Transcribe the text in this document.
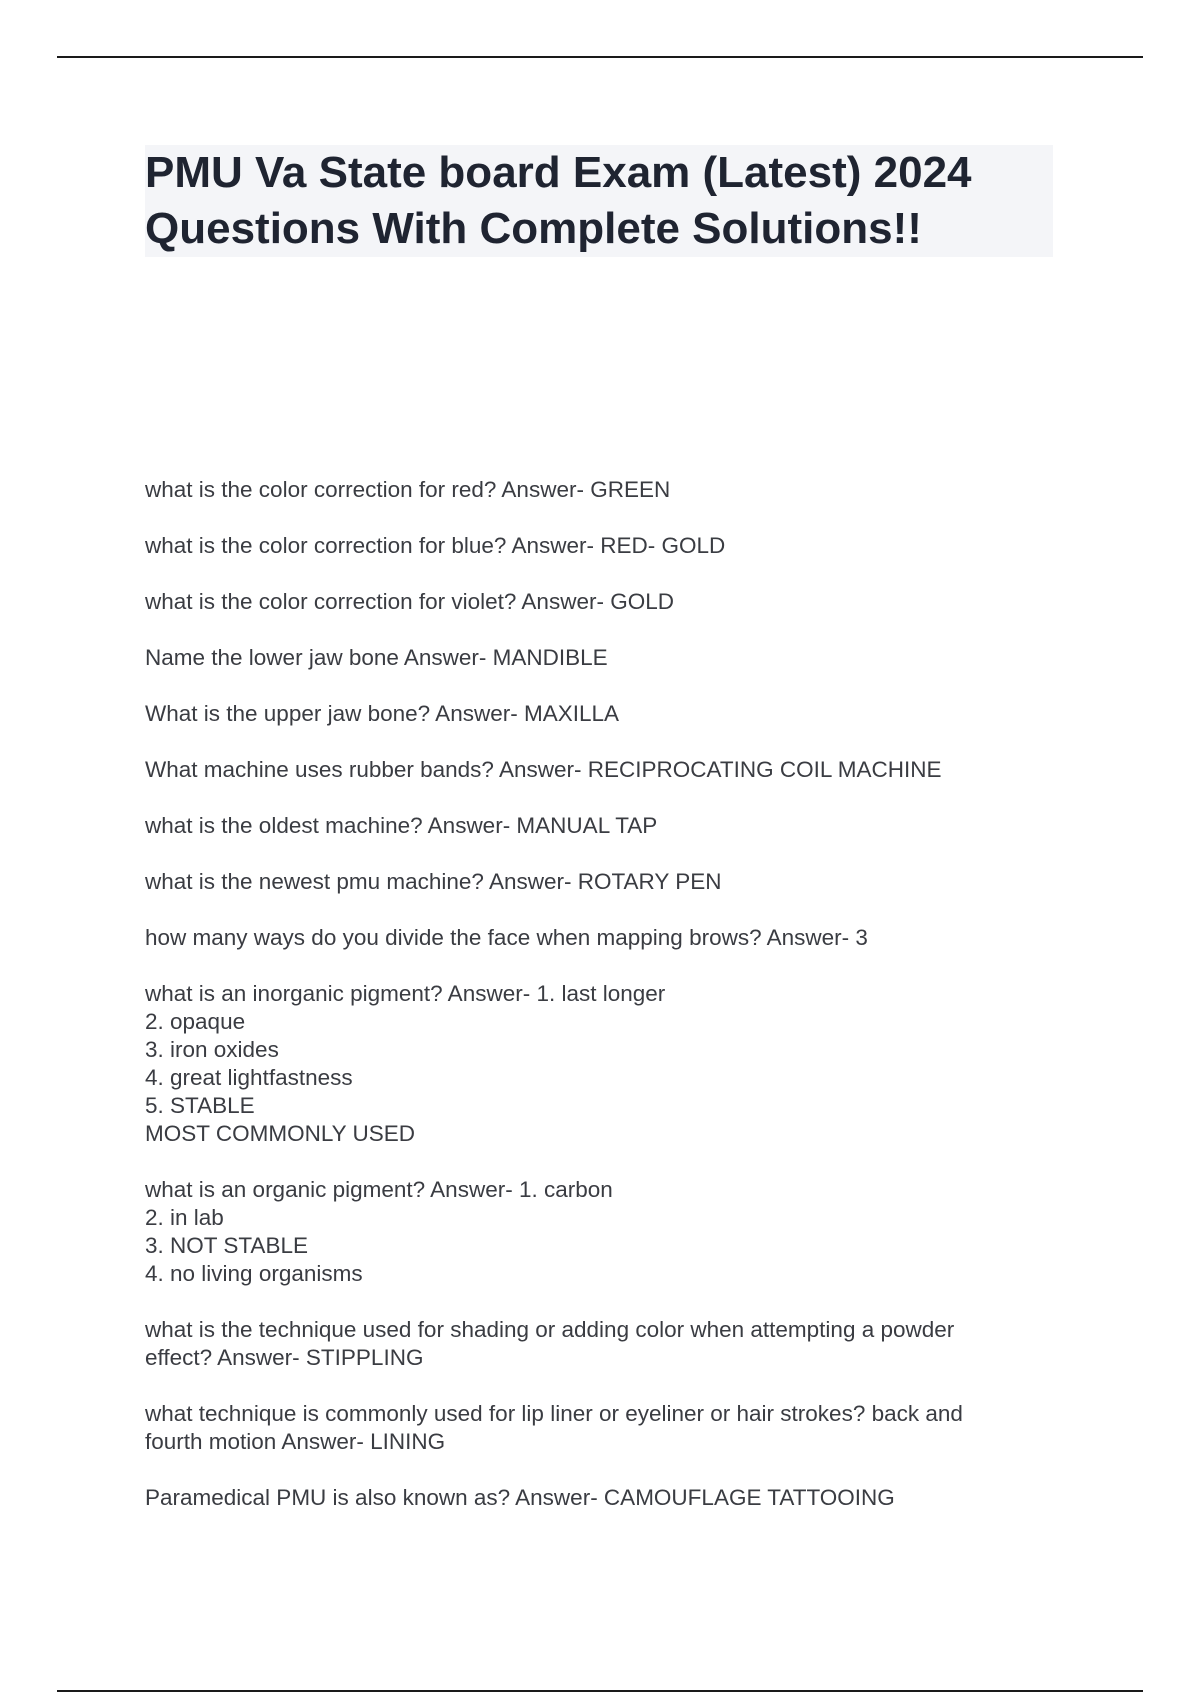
PMU Va State board Exam (Latest) 2024
Questions With Complete Solutions!!
what is the color correction for red? Answer- GREEN
what is the color correction for blue? Answer- RED- GOLD
what is the color correction for violet? Answer- GOLD
Name the lower jaw bone Answer- MANDIBLE
What is the upper jaw bone? Answer- MAXILLA
What machine uses rubber bands? Answer- RECIPROCATING COIL MACHINE
what is the oldest machine? Answer- MANUAL TAP
what is the newest pmu machine? Answer- ROTARY PEN
how many ways do you divide the face when mapping brows? Answer- 3
what is an inorganic pigment? Answer- 1. last longer
2. opaque
3. iron oxides
4. great lightfastness
5. STABLE
MOST COMMONLY USED
what is an organic pigment? Answer- 1. carbon
2. in lab
3. NOT STABLE
4. no living organisms
what is the technique used for shading or adding color when attempting a powder
effect? Answer- STIPPLING
what technique is commonly used for lip liner or eyeliner or hair strokes? back and
fourth motion Answer- LINING
Paramedical PMU is also known as? Answer- CAMOUFLAGE TATTOOING
